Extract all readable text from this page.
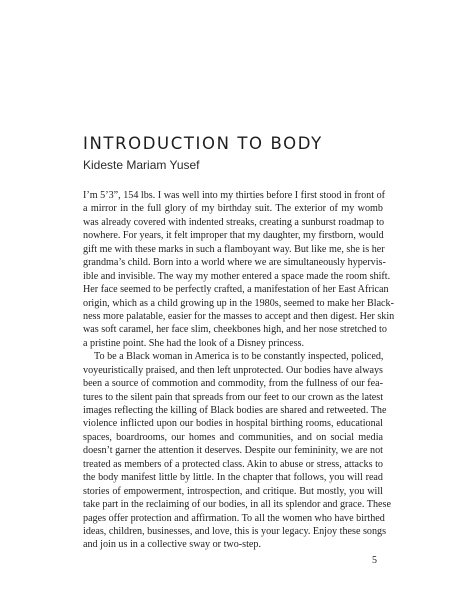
INTRODUCTION TO BODY
Kideste Mariam Yusef
I’m 5’3”, 154 lbs. I was well into my thirties before I first stood in front of
a mirror in the full glory of my birthday suit. The exterior of my womb
was already covered with indented streaks, creating a sunburst roadmap to
nowhere. For years, it felt improper that my daughter, my firstborn, would
gift me with these marks in such a flamboyant way. But like me, she is her
grandma’s child. Born into a world where we are simultaneously hypervis-
ible and invisible. The way my mother entered a space made the room shift.
Her face seemed to be perfectly crafted, a manifestation of her East African
origin, which as a child growing up in the 1980s, seemed to make her Black-
ness more palatable, easier for the masses to accept and then digest. Her skin
was soft caramel, her face slim, cheekbones high, and her nose stretched to
a pristine point. She had the look of a Disney princess.
To be a Black woman in America is to be constantly inspected, policed,
voyeuristically praised, and then left unprotected. Our bodies have always
been a source of commotion and commodity, from the fullness of our fea-
tures to the silent pain that spreads from our feet to our crown as the latest
images reflecting the killing of Black bodies are shared and retweeted. The
violence inflicted upon our bodies in hospital birthing rooms, educational
spaces, boardrooms, our homes and communities, and on social media
doesn’t garner the attention it deserves. Despite our femininity, we are not
treated as members of a protected class. Akin to abuse or stress, attacks to
the body manifest little by little. In the chapter that follows, you will read
stories of empowerment, introspection, and critique. But mostly, you will
take part in the reclaiming of our bodies, in all its splendor and grace. These
pages offer protection and affirmation. To all the women who have birthed
ideas, children, businesses, and love, this is your legacy. Enjoy these songs
and join us in a collective sway or two-step.
5
